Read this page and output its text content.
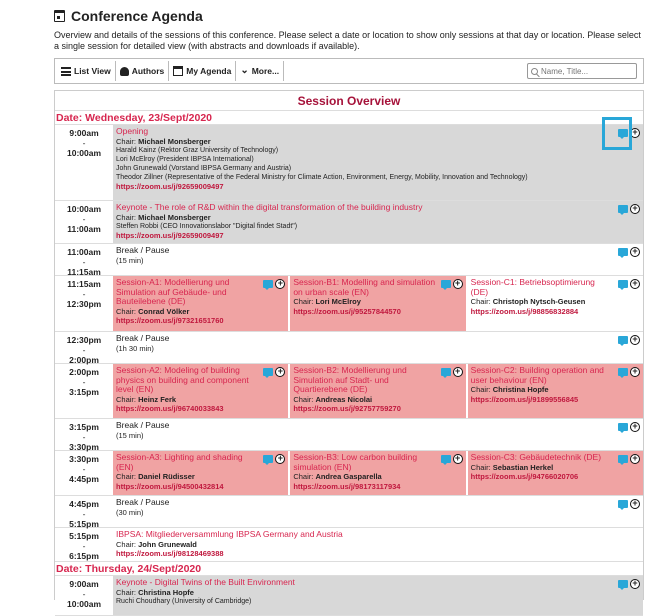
Conference Agenda
Overview and details of the sessions of this conference. Please select a date or location to show only sessions at that day or location. Please select a single session for detailed view (with abstracts and downloads if available).
List View Authors	My Agenda ⌄ More...
Name, Title...
Session Overview
Date: Wednesday, 23/Sept/2020
9:00am
-
10:00am
Opening
Chair: Michael Monsberger
Harald Kainz (Rektor Graz University of Technology)
Lori McElroy (President IBPSA International)
John Grunewald (Vorstand IBPSA Germany and Austria)
Theodor Zillner (Representative of the Federal Ministry for Climate Action, Environment, Energy, Mobility, Innovation and Technology)
https://zoom.us/j/92659009497
+
10:00am
-
11:00am
Keynote - The role of R&D within the digital transformation of the building industry
Chair: Michael Monsberger
Steffen Robbi (CEO Innovationslabor "Digital findet Stadt")
https://zoom.us/j/92659009497
+
11:00am
-
11:15am
Break / Pause
(15 min)
+
11:15am
-
12:30pm
Session-A1: Modellierung und Simulation auf Gebäude- und Bauteilebene (DE)
Chair: Conrad Völker
https://zoom.us/j/97321651760
+ Session-B1: Modelling and simulation on urban scale (EN)
Chair: Lori McElroy
https://zoom.us/j/95257844570
+ Session-C1: Betriebsoptimierung (DE)
Chair: Christoph Nytsch-Geusen
https://zoom.us/j/98856832884
+
12:30pm
-
2:00pm
Break / Pause
(1h 30 min)
+
2:00pm
-
3:15pm
Session-A2: Modeling of building physics on building and component level (EN)
Chair: Heinz Ferk
https://zoom.us/j/96740033843
+ Session-B2: Modellierung und Simulation auf Stadt- und Quartierebene (DE)
Chair: Andreas Nicolai
https://zoom.us/j/92757759270
+ Session-C2: Building operation and user behaviour (EN)
Chair: Christina Hopfe
https://zoom.us/j/91899556845
+
3:15pm
-
3:30pm
Break / Pause
(15 min)
+
3:30pm
-
4:45pm
Session-A3: Lighting and shading (EN)
Chair: Daniel Rüdisser
https://zoom.us/j/94500432814
+ Session-B3: Low carbon building simulation (EN)
Chair: Andrea Gasparella
https://zoom.us/j/98173117934
+ Session-C3: Gebäudetechnik (DE)
Chair: Sebastian Herkel
https://zoom.us/j/94766020706
+
4:45pm
-
5:15pm
Break / Pause
(30 min)
+
5:15pm
-
6:15pm
IBPSA: Mitgliederversammlung IBPSA Germany and Austria
Chair: John Grunewald
https://zoom.us/j/98128469388
Date: Thursday, 24/Sept/2020
9:00am
-
10:00am
Keynote - Digital Twins of the Built Environment
Chair: Christina Hopfe
Ruchi Choudhary (University of Cambridge)
+
